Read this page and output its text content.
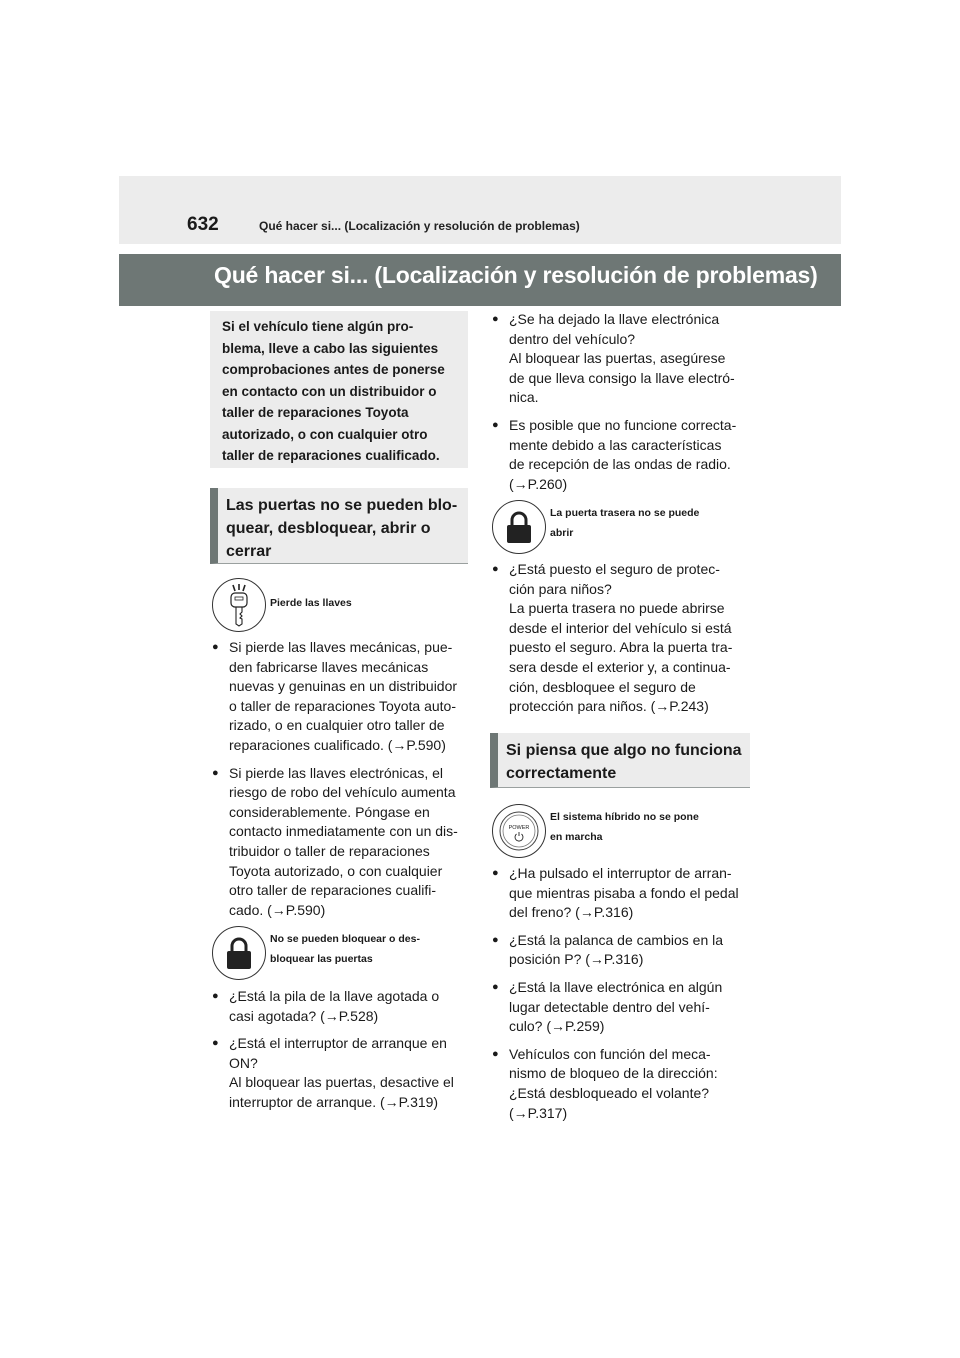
632	Qué hacer si... (Localización y resolución de problemas)
Qué hacer si... (Localización y resolución de problemas)
Si el vehículo tiene algún pro-
blema, lleve a cabo las siguientes
comprobaciones antes de ponerse
en contacto con un distribuidor o
taller de reparaciones Toyota
autorizado, o con cualquier otro
taller de reparaciones cualificado.
Las puertas no se pueden blo-
quear, desbloquear, abrir o
cerrar
Pierde las llaves
● Si pierde las llaves mecánicas, pue-
den fabricarse llaves mecánicas
nuevas y genuinas en un distribuidor
o taller de reparaciones Toyota auto-
rizado, o en cualquier otro taller de
reparaciones cualificado. (→P.590)
● Si pierde las llaves electrónicas, el
riesgo de robo del vehículo aumenta
considerablemente. Póngase en
contacto inmediatamente con un dis-
tribuidor o taller de reparaciones
Toyota autorizado, o con cualquier
otro taller de reparaciones cualifi-
cado. (→P.590)
No se pueden bloquear o des-
bloquear las puertas
● ¿Está la pila de la llave agotada o
casi agotada? (→P.528)
● ¿Está el interruptor de arranque en
ON?
Al bloquear las puertas, desactive el
interruptor de arranque. (→P.319)
● ¿Se ha dejado la llave electrónica
dentro del vehículo?
Al bloquear las puertas, asegúrese
de que lleva consigo la llave electró-
nica.
● Es posible que no funcione correcta-
mente debido a las características
de recepción de las ondas de radio.
(→P.260)
La puerta trasera no se puede
abrir
● ¿Está puesto el seguro de protec-
ción para niños?
La puerta trasera no puede abrirse
desde el interior del vehículo si está
puesto el seguro. Abra la puerta tra-
sera desde el exterior y, a continua-
ción, desbloquee el seguro de
protección para niños. (→P.243)
Si piensa que algo no funciona
correctamente
POWER
El sistema híbrido no se pone
en marcha
● ¿Ha pulsado el interruptor de arran-
que mientras pisaba a fondo el pedal
del freno? (→P.316)
● ¿Está la palanca de cambios en la
posición P? (→P.316)
● ¿Está la llave electrónica en algún
lugar detectable dentro del vehí-
culo? (→P.259)
● Vehículos con función del meca-
nismo de bloqueo de la dirección:
¿Está desbloqueado el volante?
(→P.317)
